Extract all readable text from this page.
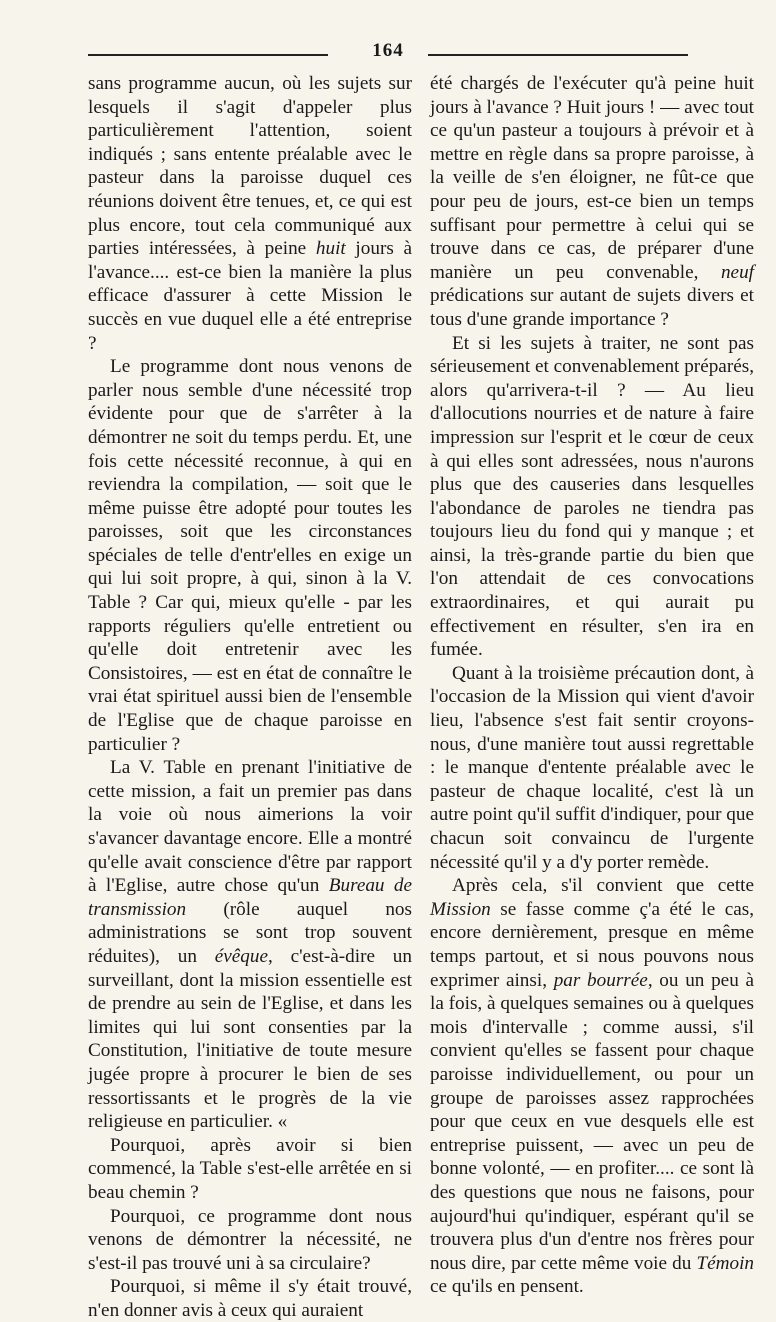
164

sans programme aucun, où les sujets sur lesquels il s'agit d'appeler plus particulièrement l'attention, soient indiqués ; sans entente préalable avec le pasteur dans la paroisse duquel ces réunions doivent être tenues, et, ce qui est plus encore, tout cela communiqué aux parties intéressées, à peine huit jours à l'avance.... est-ce bien la manière la plus efficace d'assurer à cette Mission le succès en vue duquel elle a été entreprise ?

Le programme dont nous venons de parler nous semble d'une nécessité trop évidente pour que de s'arrêter à la démontrer ne soit du temps perdu. Et, une fois cette nécessité reconnue, à qui en reviendra la compilation, — soit que le même puisse être adopté pour toutes les paroisses, soit que les circonstances spéciales de telle d'entr'elles en exige un qui lui soit propre, à qui, sinon à la V. Table ? Car qui, mieux qu'elle - par les rapports réguliers qu'elle entretient ou qu'elle doit entretenir avec les Consistoires, — est en état de connaître le vrai état spirituel aussi bien de l'ensemble de l'Eglise que de chaque paroisse en particulier ?

La V. Table en prenant l'initiative de cette mission, a fait un premier pas dans la voie où nous aimerions la voir s'avancer davantage encore. Elle a montré qu'elle avait conscience d'être par rapport à l'Eglise, autre chose qu'un Bureau de transmission (rôle auquel nos administrations se sont trop souvent réduites), un évêque, c'est-à-dire un surveillant, dont la mission essentielle est de prendre au sein de l'Eglise, et dans les limites qui lui sont consenties par la Constitution, l'initiative de toute mesure jugée propre à procurer le bien de ses ressortissants et le progrès de la vie religieuse en particulier. «

Pourquoi, après avoir si bien commencé, la Table s'est-elle arrêtée en si beau chemin ?

Pourquoi, ce programme dont nous venons de démontrer la nécessité, ne s'est-il pas trouvé uni à sa circulaire?

Pourquoi, si même il s'y était trouvé, n'en donner avis à ceux qui auraient

été chargés de l'exécuter qu'à peine huit jours à l'avance ? Huit jours ! — avec tout ce qu'un pasteur a toujours à prévoir et à mettre en règle dans sa propre paroisse, à la veille de s'en éloigner, ne fût-ce que pour peu de jours, est-ce bien un temps suffisant pour permettre à celui qui se trouve dans ce cas, de préparer d'une manière un peu convenable, neuf prédications sur autant de sujets divers et tous d'une grande importance ?

Et si les sujets à traiter, ne sont pas sérieusement et convenablement préparés, alors qu'arrivera-t-il ? — Au lieu d'allocutions nourries et de nature à faire impression sur l'esprit et le cœur de ceux à qui elles sont adressées, nous n'aurons plus que des causeries dans lesquelles l'abondance de paroles ne tiendra pas toujours lieu du fond qui y manque ; et ainsi, la très-grande partie du bien que l'on attendait de ces convocations extraordinaires, et qui aurait pu effectivement en résulter, s'en ira en fumée.

Quant à la troisième précaution dont, à l'occasion de la Mission qui vient d'avoir lieu, l'absence s'est fait sentir croyons-nous, d'une manière tout aussi regrettable : le manque d'entente préalable avec le pasteur de chaque localité, c'est là un autre point qu'il suffit d'indiquer, pour que chacun soit convaincu de l'urgente nécessité qu'il y a d'y porter remède.

Après cela, s'il convient que cette Mission se fasse comme ç'a été le cas, encore dernièrement, presque en même temps partout, et si nous pouvons nous exprimer ainsi, par bourrée, ou un peu à la fois, à quelques semaines ou à quelques mois d'intervalle ; comme aussi, s'il convient qu'elles se fassent pour chaque paroisse individuellement, ou pour un groupe de paroisses assez rapprochées pour que ceux en vue desquels elle est entreprise puissent, — avec un peu de bonne volonté, — en profiter.... ce sont là des questions que nous ne faisons, pour aujourd'hui qu'indiquer, espérant qu'il se trouvera plus d'un d'entre nos frères pour nous dire, par cette même voie du Témoin ce qu'ils en pensent.
